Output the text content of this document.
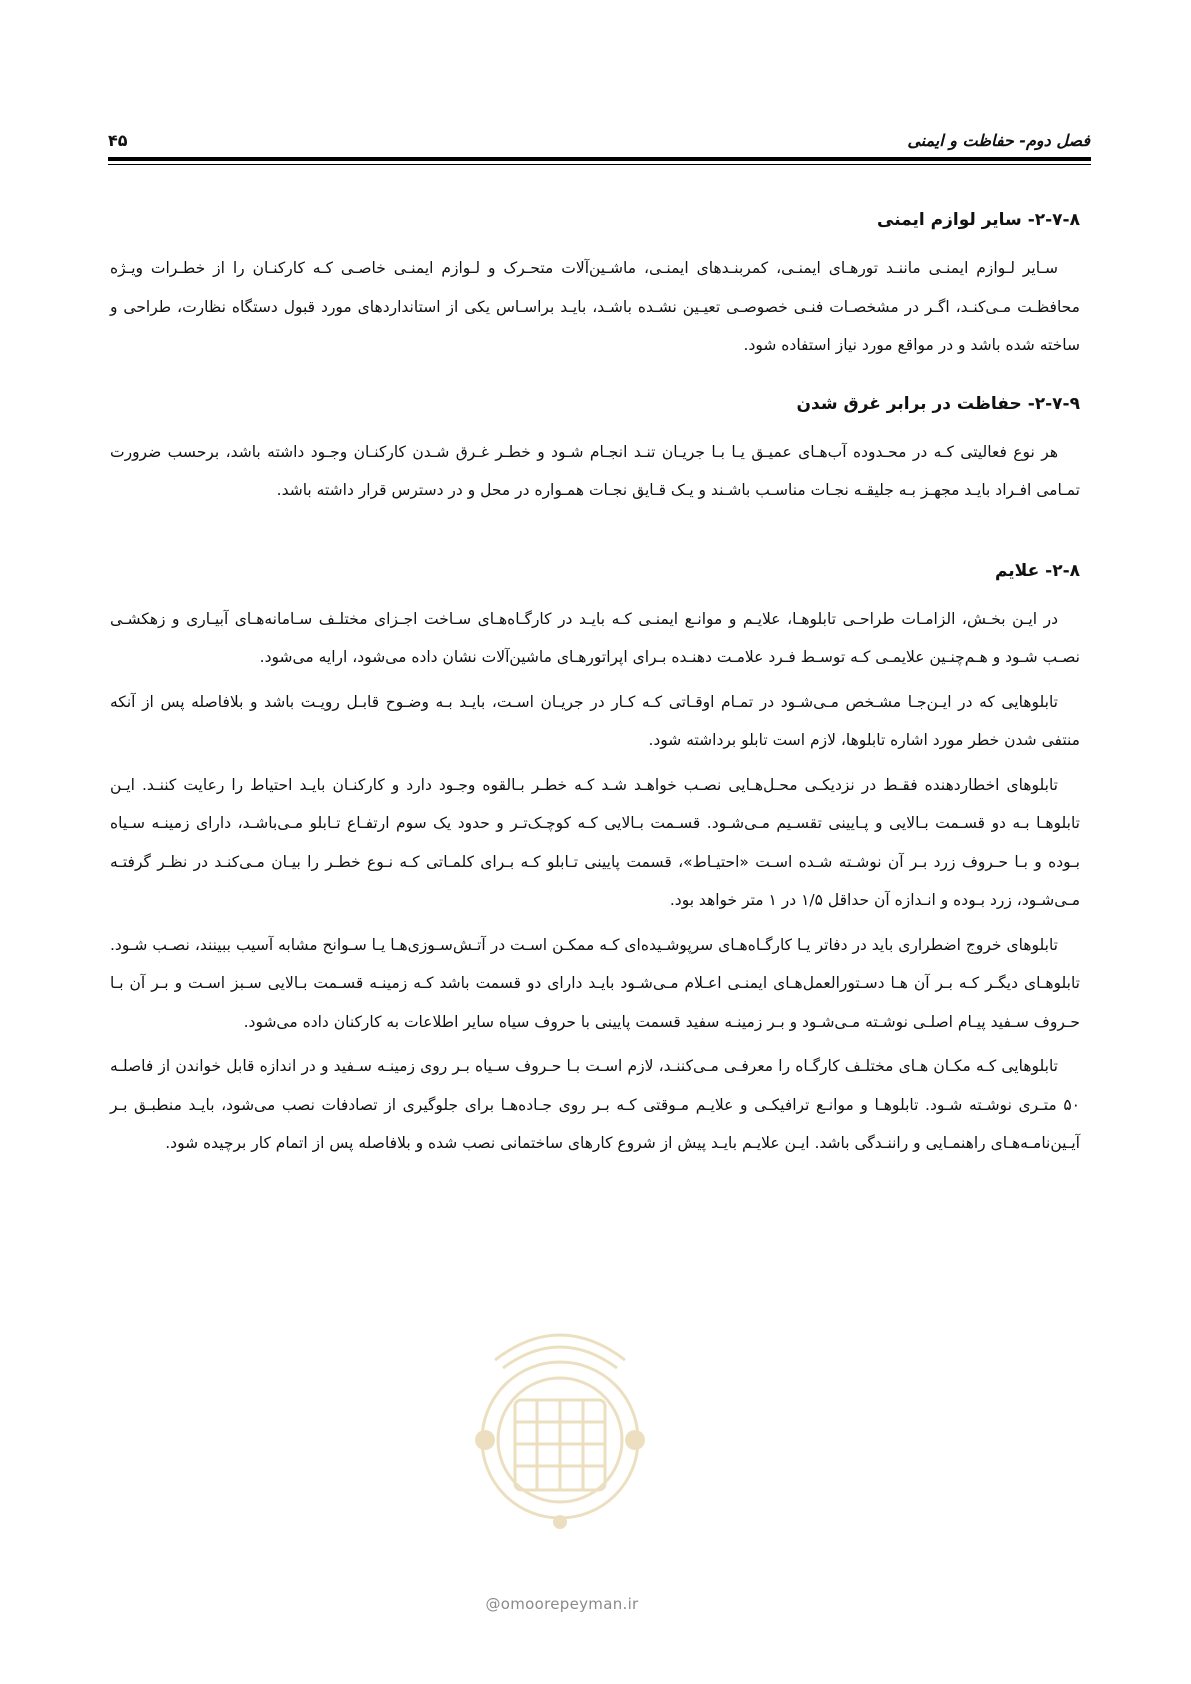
فصل دوم- حفاظت و ایمنی
۴۵
۲-۷-۸- سایر لوازم ایمنی

سـایر لـوازم ایمنـی ماننـد تورهـای ایمنـی، کمربنـدهای ایمنـی، ماشـین‌آلات متحـرک و لـوازم ایمنـی خاصـی کـه کارکنـان را از خطـرات ویـژه محافظـت مـی‌کنـد، اگـر در مشخصـات فنـی خصوصـی تعیـین نشـده باشـد، بایـد براسـاس یکی از استانداردهای مورد قبول دستگاه نظارت، طراحی و ساخته شده باشد و در مواقع مورد نیاز استفاده شود.

۲-۷-۹- حفاظت در برابر غرق شدن

هر نوع فعالیتی کـه در محـدوده آب‌هـای عمیـق یـا بـا جریـان تنـد انجـام شـود و خطـر غـرق شـدن کارکنـان وجـود داشته باشد، برحسب ضرورت تمـامی افـراد بایـد مجهـز بـه جلیقـه نجـات مناسـب باشـند و یـک قـایق نجـات همـواره در محل و در دسترس قرار داشته باشد.

۲-۸- علایم

در ایـن بخـش، الزامـات طراحـی تابلوهـا، علایـم و موانـع ایمنـی کـه بایـد در کارگـاه‌هـای سـاخت اجـزای مختلـف سـامانه‌هـای آبیـاری و زهکشـی نصـب شـود و هـم‌چنـین علایمـی کـه توسـط فـرد علامـت دهنـده بـرای اپراتورهـای ماشین‌آلات نشان داده می‌شود، ارایه می‌شود.

تابلوهایی که در ایـن‌جـا مشـخص مـی‌شـود در تمـام اوقـاتی کـه کـار در جریـان اسـت، بایـد بـه وضـوح قابـل رویـت باشد و بلافاصله پس از آنکه منتفی شدن خطر مورد اشاره تابلوها، لازم است تابلو برداشته شود.

تابلوهای اخطاردهنده فقـط در نزدیکـی محـل‌هـایی نصـب خواهـد شـد کـه خطـر بـالقوه وجـود دارد و کارکنـان بایـد احتیاط را رعایت کننـد. ایـن تابلوهـا بـه دو قسـمت بـالایی و پـایینی تقسـیم مـی‌شـود. قسـمت بـالایی کـه کوچـک‌تـر و حدود یک سوم ارتفـاع تـابلو مـی‌باشـد، دارای زمینـه سـیاه بـوده و بـا حـروف زرد بـر آن نوشـته شـده اسـت «احتیـاط»، قسمت پایینی تـابلو کـه بـرای کلمـاتی کـه نـوع خطـر را بیـان مـی‌کنـد در نظـر گرفتـه مـی‌شـود، زرد بـوده و انـدازه آن حداقل ۱/۵ در ۱ متر خواهد بود.

تابلوهای خروج اضطراری باید در دفاتر یـا کارگـاه‌هـای سرپوشـیده‌ای کـه ممکـن اسـت در آتـش‌سـوزی‌هـا یـا سـوانح مشابه آسیب ببینند، نصـب شـود. تابلوهـای دیگـر کـه بـر آن هـا دسـتورالعمل‌هـای ایمنـی اعـلام مـی‌شـود بایـد دارای دو قسمت باشد کـه زمینـه قسـمت بـالایی سـبز اسـت و بـر آن بـا حـروف سـفید پیـام اصلـی نوشـته مـی‌شـود و بـر زمینـه سفید قسمت پایینی با حروف سیاه سایر اطلاعات به کارکنان داده می‌شود.

تابلوهایی کـه مکـان هـای مختلـف کارگـاه را معرفـی مـی‌کننـد، لازم اسـت بـا حـروف سـیاه بـر روی زمینـه سـفید و در اندازه قابل خواندن از فاصلـه ۵۰ متـری نوشـته شـود. تابلوهـا و موانـع ترافیکـی و علایـم مـوقتی کـه بـر روی جـاده‌هـا برای جلوگیری از تصادفات نصب می‌شود، بایـد منطبـق بـر آیـین‌نامـه‌هـای راهنمـایی و راننـدگی باشد. ایـن علایـم بایـد پیش از شروع کارهای ساختمانی نصب شده و بلافاصله پس از اتمام کار برچیده شود.

@omoorepeyman.ir
